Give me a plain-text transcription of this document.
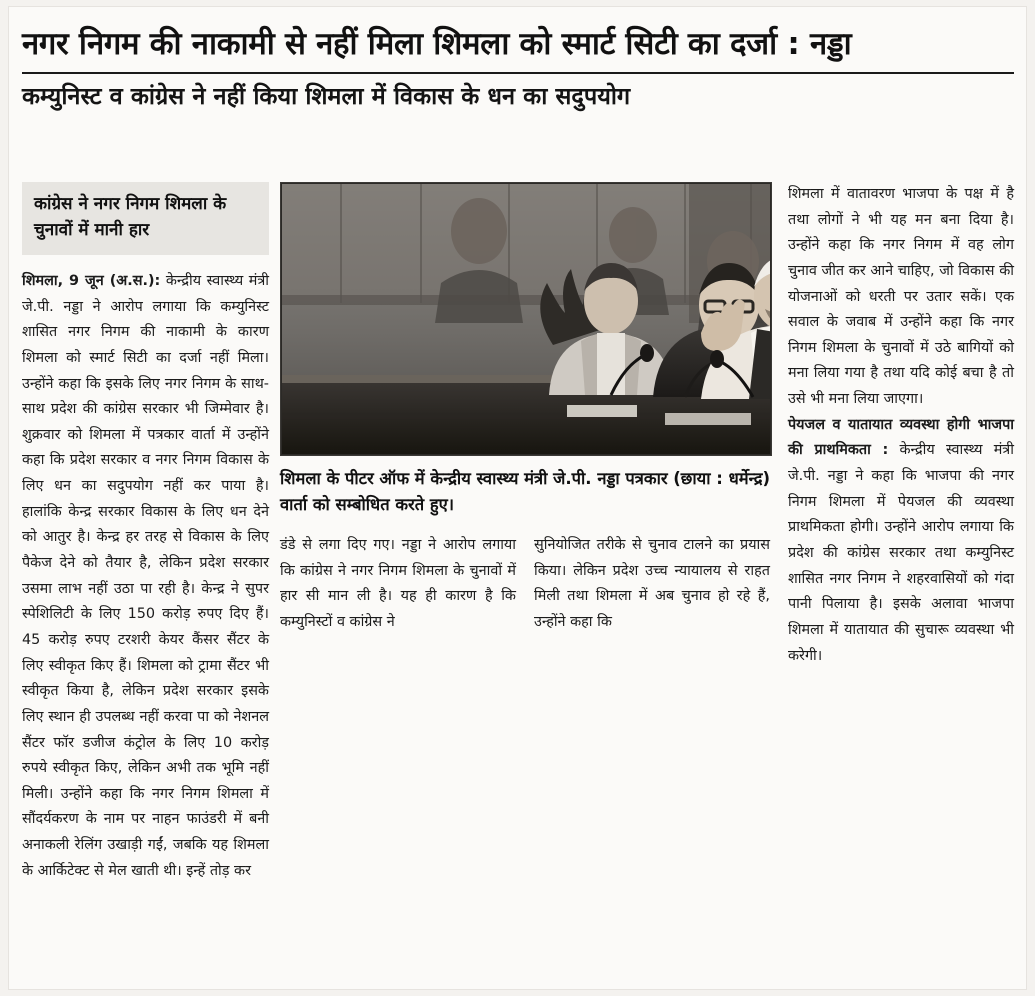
नगर निगम की नाकामी से नहीं मिला शिमला को स्मार्ट सिटी का दर्जा : नड्डा
कम्युनिस्ट व कांग्रेस ने नहीं किया शिमला में विकास के धन का सदुपयोग
कांग्रेस ने नगर निगम शिमला के चुनावों में मानी हार
शिमला, 9 जून (अ.स.): केन्द्रीय स्वास्थ्य मंत्री जे.पी. नड्डा ने आरोप लगाया कि कम्युनिस्ट शासित नगर निगम की नाकामी के कारण शिमला को स्मार्ट सिटी का दर्जा नहीं मिला। उन्होंने कहा कि इसके लिए नगर निगम के साथ-साथ प्रदेश की कांग्रेस सरकार भी जिम्मेवार है। शुक्रवार को शिमला में पत्रकार वार्ता में उन्होंने कहा कि प्रदेश सरकार व नगर निगम विकास के लिए धन का सदुपयोग नहीं कर पाया है। हालांकि केन्द्र सरकार विकास के लिए धन देने को आतुर है। केन्द्र हर तरह से विकास के लिए पैकेज देने को तैयार है, लेकिन प्रदेश सरकार उसमा लाभ नहीं उठा पा रही है। केन्द्र ने सुपर स्पेशिलिटी के लिए 150 करोड़ रुपए दिए हैं। 45 करोड़ रुपए टरशरी केयर कैंसर सैंटर के लिए स्वीकृत किए हैं। शिमला को ट्रामा सैंटर भी स्वीकृत किया है, लेकिन प्रदेश सरकार इसके लिए स्थान ही उपलब्ध नहीं करवा पा को नेशनल सैंटर फॉर डजीज कंट्रोल के लिए 10 करोड़ रुपये स्वीकृत किए, लेकिन अभी तक भूमि नहीं मिली। उन्होंने कहा कि नगर निगम शिमला में सौंदर्यकरण के नाम पर नाहन फाउंडरी में बनी अनाकली रेलिंग उखाड़ी गईं, जबकि यह शिमला के आर्किटेक्ट से मेल खाती थी। इन्हें तोड़ कर
(छाया : धर्मेन्द्र)
शिमला के पीटर ऑफ में केन्द्रीय स्वास्थ्य मंत्री जे.पी. नड्डा पत्रकार वार्ता को सम्बोधित करते हुए।
डंडे से लगा दिए गए। नड्डा ने आरोप लगाया कि कांग्रेस ने नगर निगम शिमला के चुनावों में हार सी मान ली है। यह ही कारण है कि कम्युनिस्टों व कांग्रेस ने
सुनियोजित तरीके से चुनाव टालने का प्रयास किया। लेकिन प्रदेश उच्च न्यायालय से राहत मिली तथा शिमला में अब चुनाव हो रहे हैं, उन्होंने कहा कि
शिमला में वातावरण भाजपा के पक्ष में है तथा लोगों ने भी यह मन बना दिया है। उन्होंने कहा कि नगर निगम में वह लोग चुनाव जीत कर आने चाहिए, जो विकास की योजनाओं को धरती पर उतार सकें। एक सवाल के जवाब में उन्होंने कहा कि नगर निगम शिमला के चुनावों में उठे बागियों को मना लिया गया है तथा यदि कोई बचा है तो उसे भी मना लिया जाएगा।
पेयजल व यातायात व्यवस्था होगी भाजपा की प्राथमिकता : केन्द्रीय स्वास्थ्य मंत्री जे.पी. नड्डा ने कहा कि भाजपा की नगर निगम शिमला में पेयजल की व्यवस्था प्राथमिकता होगी। उन्होंने आरोप लगाया कि प्रदेश की कांग्रेस सरकार तथा कम्युनिस्ट शासित नगर निगम ने शहरवासियों को गंदा पानी पिलाया है। इसके अलावा भाजपा शिमला में यातायात की सुचारू व्यवस्था भी करेगी।
